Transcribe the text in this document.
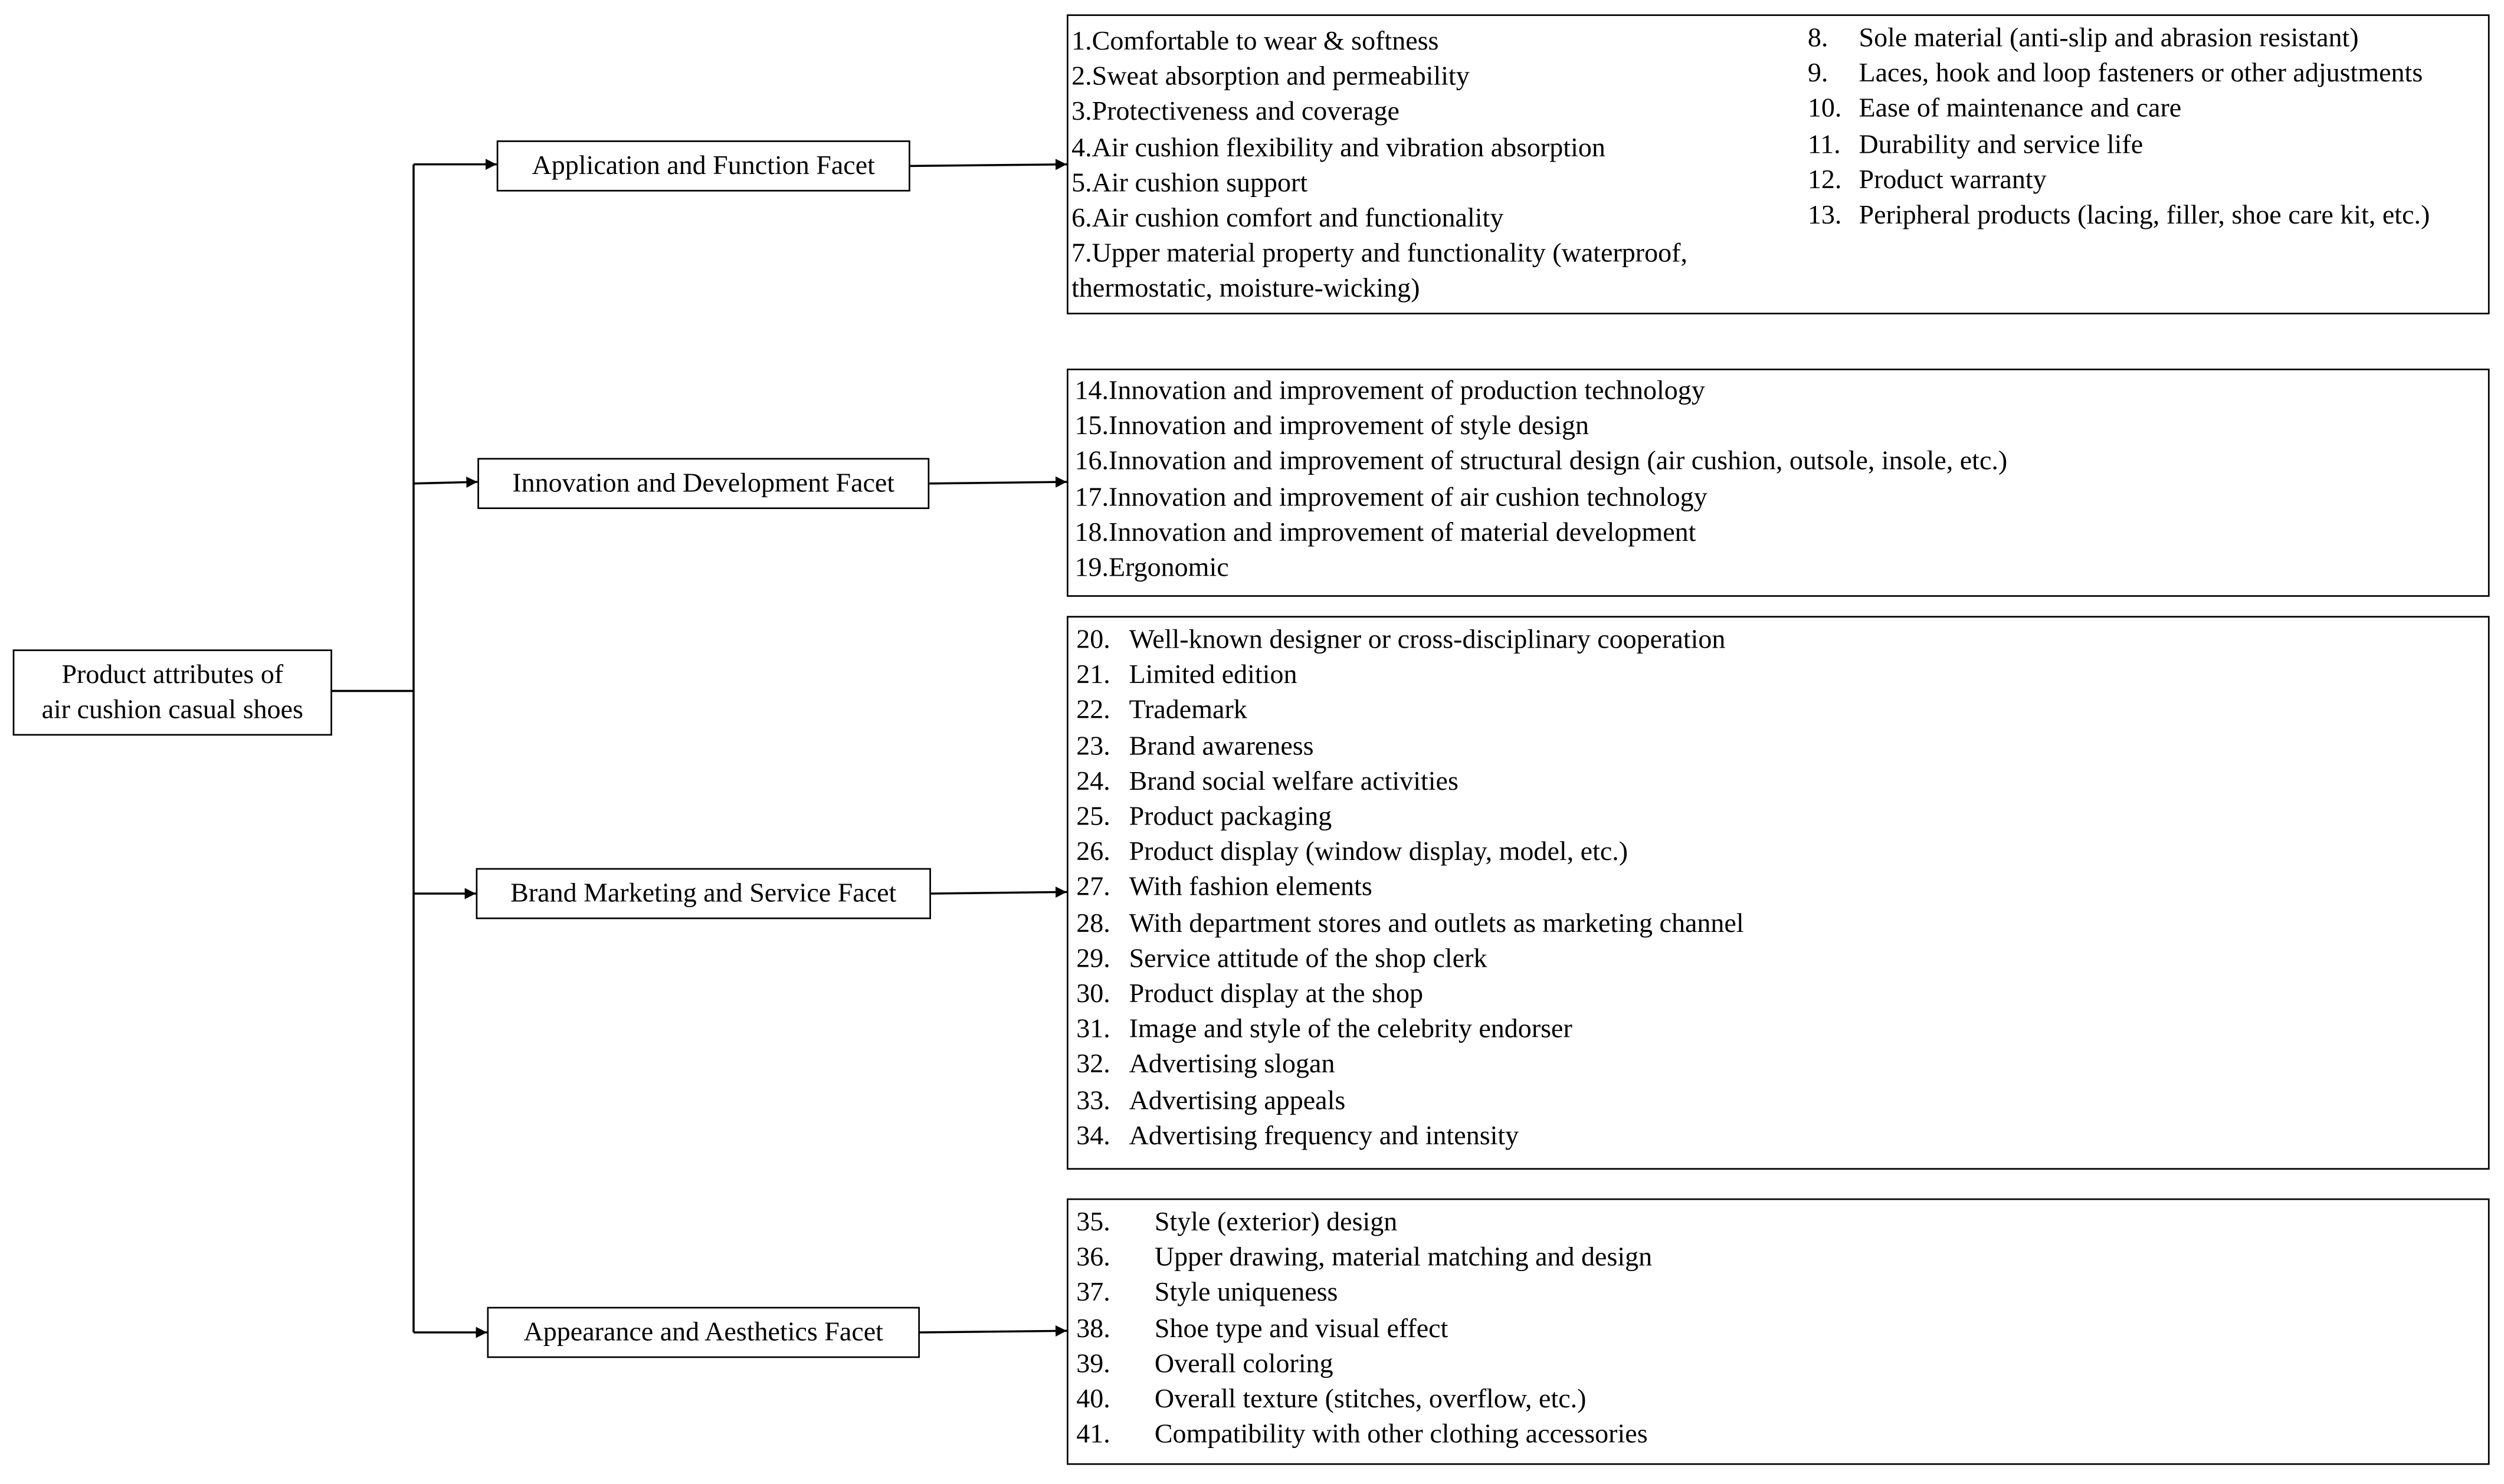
Product attributes of
air cushion casual shoes
Application and Function Facet
Innovation and Development Facet
Brand Marketing and Service Facet
Appearance and Aesthetics Facet
1. Comfortable to wear & softness
2. Sweat absorption and permeability
3. Protectiveness and coverage
4. Air cushion flexibility and vibration absorption
5. Air cushion support
6. Air cushion comfort and functionality
7. Upper material property and functionality (waterproof,
thermostatic, moisture-wicking)
8.	Sole material (anti-slip and abrasion resistant)
9.	Laces, hook and loop fasteners or other adjustments
10.	Ease of maintenance and care
11.	Durability and service life
12.	Product warranty
13.	Peripheral products (lacing, filler, shoe care kit, etc.)
14. Innovation and improvement of production technology
15. Innovation and improvement of style design
16. Innovation and improvement of structural design (air cushion, outsole, insole, etc.)
17. Innovation and improvement of air cushion technology
18. Innovation and improvement of material development
19. Ergonomic
20.	Well-known designer or cross-disciplinary cooperation
21.	Limited edition
22.	Trademark
23.	Brand awareness
24.	Brand social welfare activities
25.	Product packaging
26.	Product display (window display, model, etc.)
27.	With fashion elements
28.	With department stores and outlets as marketing channel
29.	Service attitude of the shop clerk
30.	Product display at the shop
31.	Image and style of the celebrity endorser
32.	Advertising slogan
33.	Advertising appeals
34.	Advertising frequency and intensity
35.	Style (exterior) design
36.	Upper drawing, material matching and design
37.	Style uniqueness
38.	Shoe type and visual effect
39.	Overall coloring
40.	Overall texture (stitches, overflow, etc.)
41.	Compatibility with other clothing accessories
